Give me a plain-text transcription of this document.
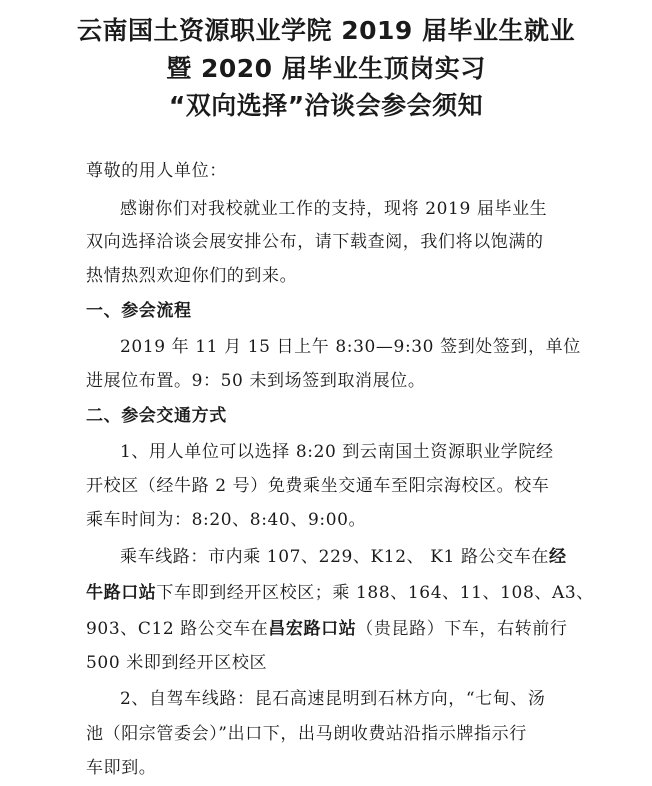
云南国土资源职业学院 2019 届毕业生就业
暨 2020 届毕业生顶岗实习
“双向选择”洽谈会参会须知
尊敬的用人单位：
感谢你们对我校就业工作的支持，现将 2019 届毕业生
双向选择洽谈会展安排公布，请下载查阅，我们将以饱满的
热情热烈欢迎你们的到来。
一、参会流程
2019 年 11 月 15 日上午 8:30—9:30 签到处签到，单位
进展位布置。9：50 未到场签到取消展位。
二、参会交通方式
1、用人单位可以选择 8:20 到云南国土资源职业学院经
开校区（经牛路 2 号）免费乘坐交通车至阳宗海校区。校车
乘车时间为：8:20、8:40、9:00。
乘车线路：市内乘 107、229、K12、 K1 路公交车在经
牛路口站下车即到经开区校区；乘 188、164、11、108、A3、
903、C12 路公交车在昌宏路口站（贵昆路）下车，右转前行
500 米即到经开区校区
2、自驾车线路：昆石高速昆明到石林方向，“七甸、汤
池（阳宗管委会）”出口下，出马朗收费站沿指示牌指示行
车即到。
